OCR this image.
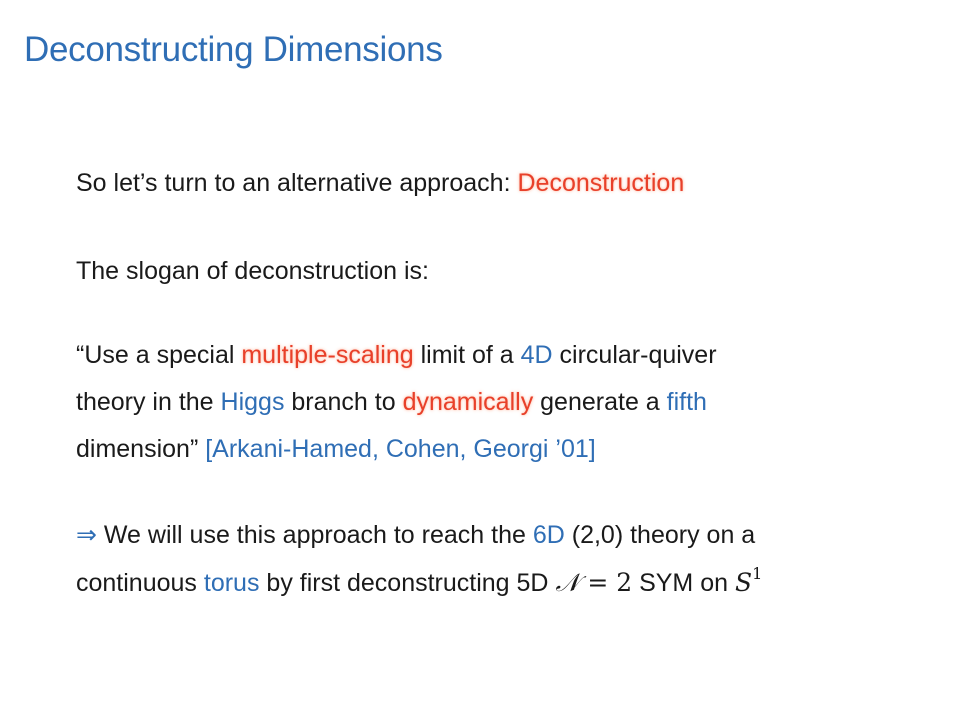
Deconstructing Dimensions
So let’s turn to an alternative approach: Deconstruction
The slogan of deconstruction is:
“Use a special multiple-scaling limit of a 4D circular-quiver
theory in the Higgs branch to dynamically generate a fifth
dimension” [Arkani-Hamed, Cohen, Georgi ’01]
⇒ We will use this approach to reach the 6D (2,0) theory on a
continuous torus by first deconstructing 5D 𝒩 = 2 SYM on $S^1$
